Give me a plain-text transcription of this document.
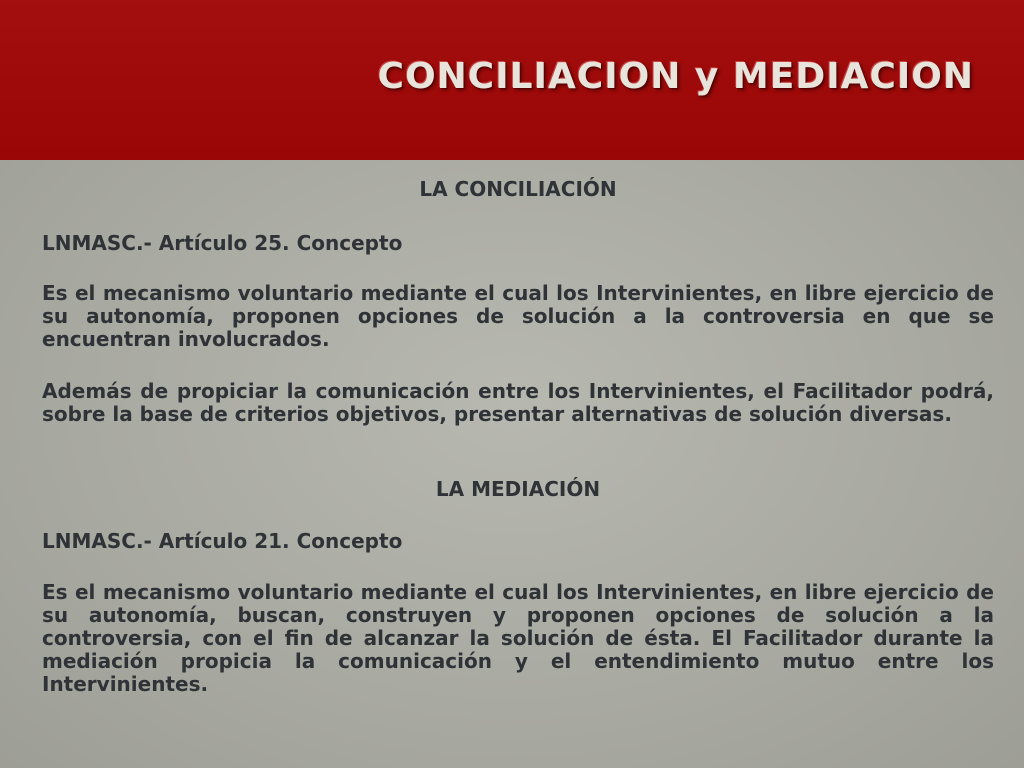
CONCILIACION y MEDIACION
LA CONCILIACIÓN
LNMASC.- Artículo 25. Concepto
Es el mecanismo voluntario mediante el cual los Intervinientes, en libre ejercicio de su autonomía, proponen opciones de solución a la controversia en que se encuentran involucrados.
Además de propiciar la comunicación entre los Intervinientes, el Facilitador podrá, sobre la base de criterios objetivos, presentar alternativas de solución diversas.
LA MEDIACIÓN
LNMASC.- Artículo 21. Concepto
Es el mecanismo voluntario mediante el cual los Intervinientes, en libre ejercicio de su autonomía, buscan, construyen y proponen opciones de solución a la controversia, con el fin de alcanzar la solución de ésta. El Facilitador durante la mediación propicia la comunicación y el entendimiento mutuo entre los Intervinientes.
